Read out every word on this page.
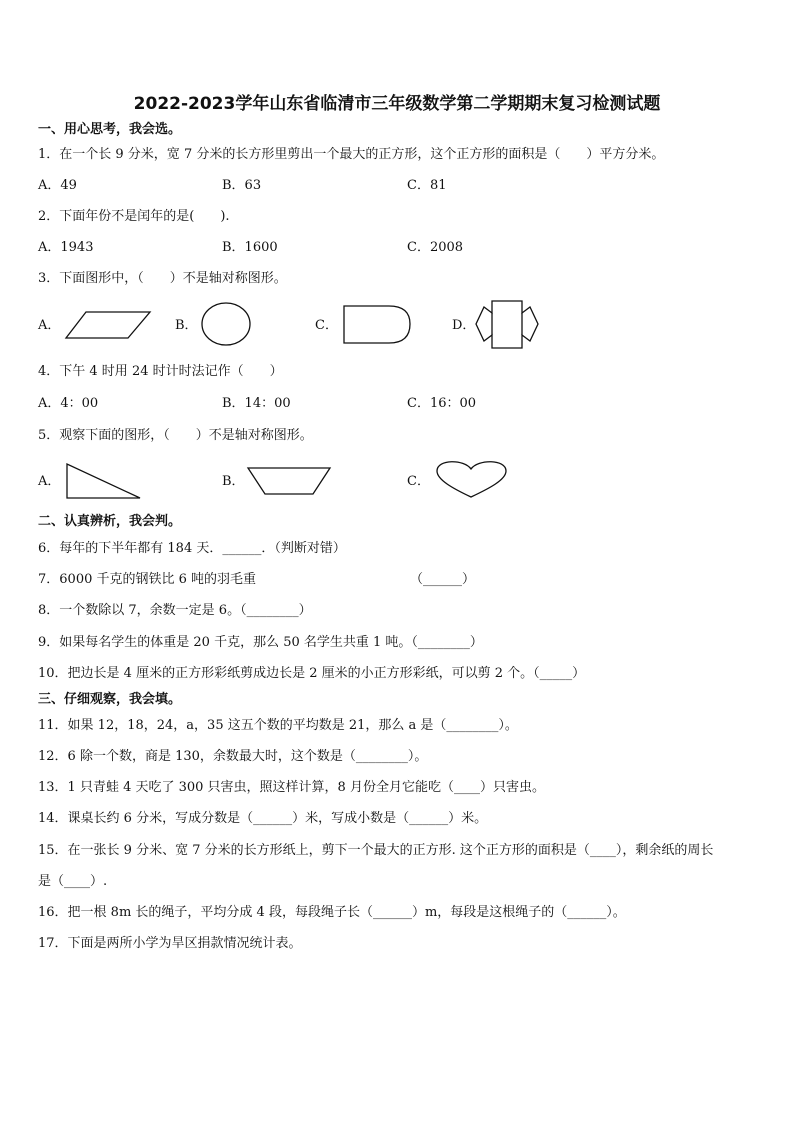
2022-2023学年山东省临清市三年级数学第二学期期末复习检测试题
一、用心思考，我会选。
1．在一个长 9 分米，宽 7 分米的长方形里剪出一个最大的正方形，这个正方形的面积是（　　）平方分米。
A．49	B．63	C．81
2．下面年份不是闰年的是(　　).
A．1943	B．1600	C．2008
3．下面图形中，（　　）不是轴对称图形。
A．	B．	C．	D．
4．下午 4 时用 24 时计时法记作（　　）
A．4：00	B．14：00	C．16：00
5．观察下面的图形，（　　）不是轴对称图形。
A．	B．	C．
二、认真辨析，我会判。
6．每年的下半年都有 184 天．______．（判断对错）
7．6000 千克的钢铁比 6 吨的羽毛重	（______）
8．一个数除以 7，余数一定是 6。（________）
9．如果每名学生的体重是 20 千克，那么 50 名学生共重 1 吨。（________）
10．把边长是 4 厘米的正方形彩纸剪成边长是 2 厘米的小正方形彩纸，可以剪 2 个。（_____）
三、仔细观察，我会填。
11．如果 12，18，24，a，35 这五个数的平均数是 21，那么 a 是（________）。
12．6 除一个数，商是 130，余数最大时，这个数是（________）。
13．1 只青蛙 4 天吃了 300 只害虫，照这样计算，8 月份全月它能吃（____）只害虫。
14．课桌长约 6 分米，写成分数是（______）米，写成小数是（______）米。
15．在一张长 9 分米、宽 7 分米的长方形纸上，剪下一个最大的正方形. 这个正方形的面积是（____），剩余纸的周长
是（____）.
16．把一根 8m 长的绳子，平均分成 4 段，每段绳子长（______）m，每段是这根绳子的（______）。
17．下面是两所小学为旱区捐款情况统计表。
